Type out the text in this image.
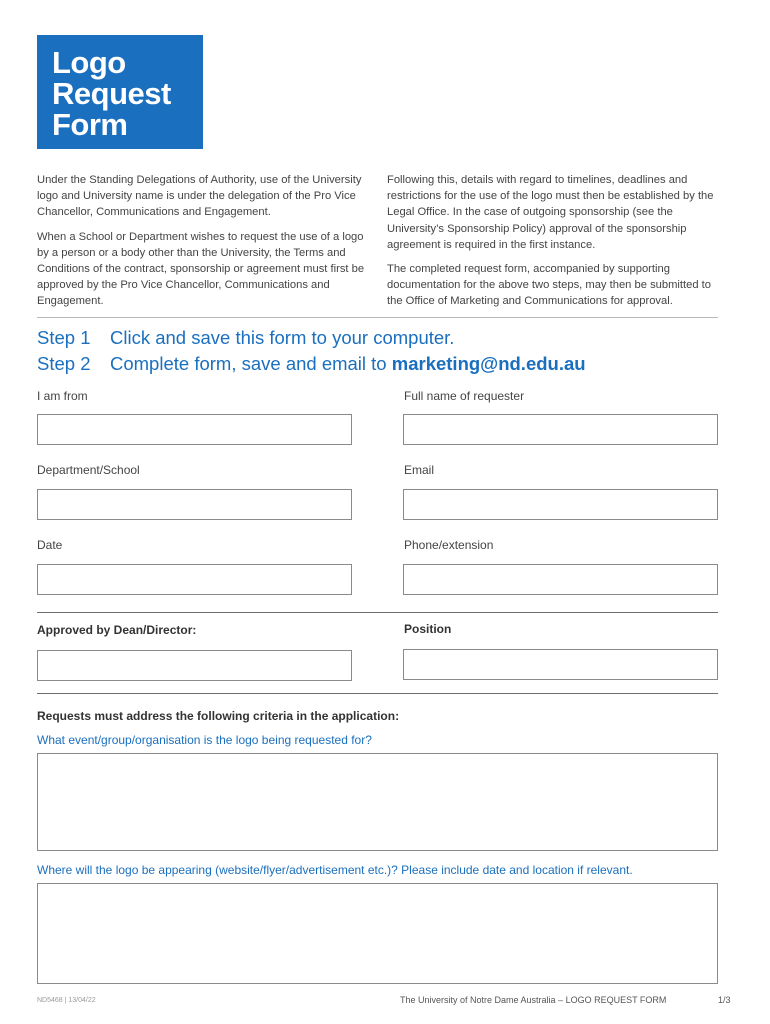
Logo
Request
Form

Under the Standing Delegations of Authority, use of the University logo and University name is under the delegation of the Pro Vice Chancellor, Communications and Engagement.

When a School or Department wishes to request the use of a logo by a person or a body other than the University, the Terms and Conditions of the contract, sponsorship or agreement must first be approved by the Pro Vice Chancellor, Communications and Engagement.

Following this, details with regard to timelines, deadlines and restrictions for the use of the logo must then be established by the Legal Office. In the case of outgoing sponsorship (see the University’s Sponsorship Policy) approval of the sponsorship agreement is required in the first instance.

The completed request form, accompanied by supporting documentation for the above two steps, may then be submitted to the Office of Marketing and Communications for approval.

Step 1 Click and save this form to your computer.
Step 2 Complete form, save and email to marketing@nd.edu.au
I am from	Full name of requester
Department/School	Email
Date	Phone/extension
Approved by Dean/Director:	Position
Requests must address the following criteria in the application:
What event/group/organisation is the logo being requested for?
Where will the logo be appearing (website/flyer/advertisement etc.)? Please include date and location if relevant.
ND5468 | 13/04/22	The University of Notre Dame Australia – LOGO REQUEST FORM	1/3
